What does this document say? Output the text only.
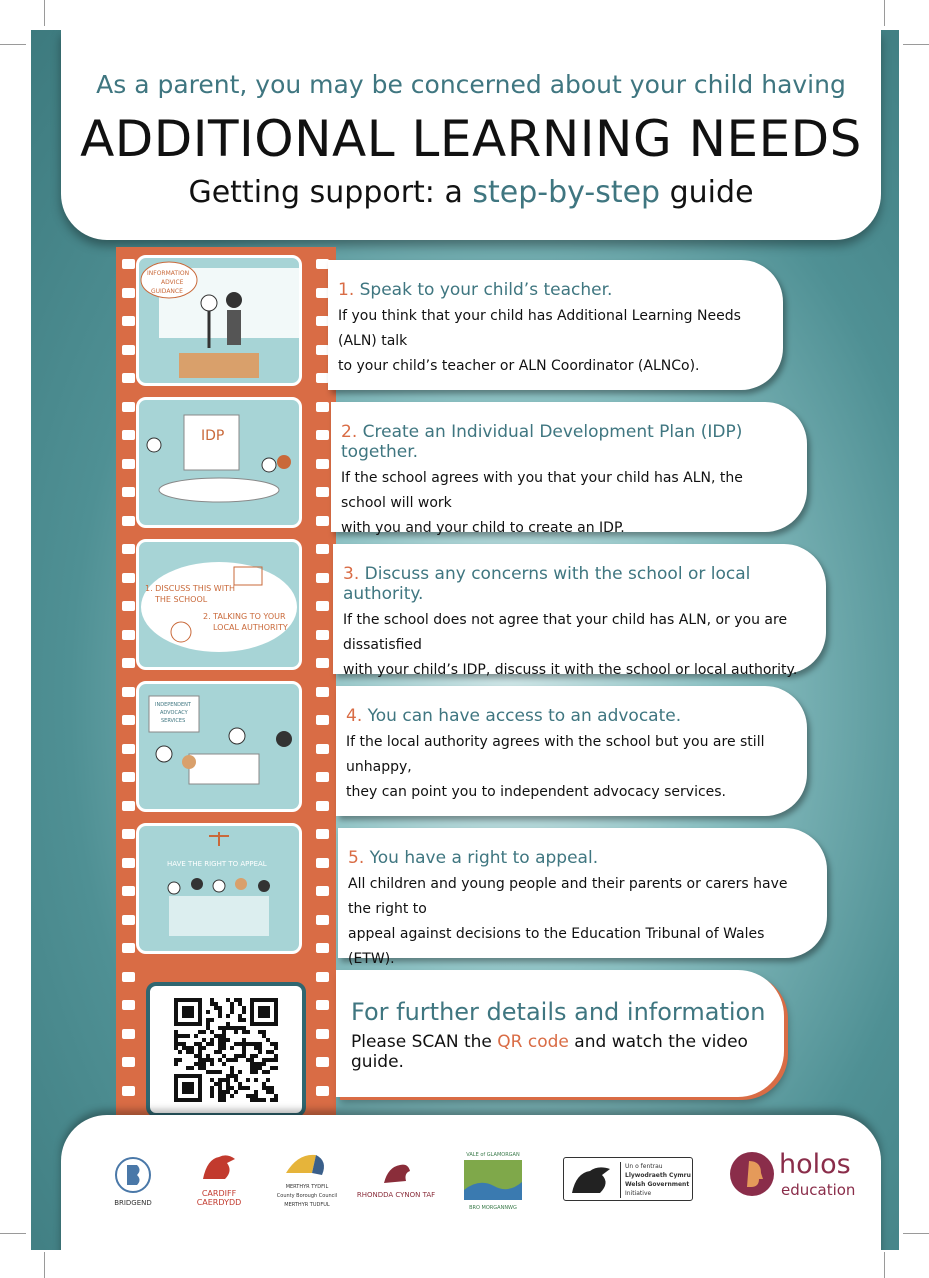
As a parent, you may be concerned about your child having
ADDITIONAL LEARNING NEEDS
Getting support: a step-by-step guide
INFORMATION
ADVICE
GUIDANCE
IDP
1. DISCUSS THIS WITH
THE SCHOOL
2. TALKING TO YOUR
LOCAL AUTHORITY
INDEPENDENT
ADVOCACY
SERVICES
HAVE THE RIGHT TO APPEAL
1. Speak to your child’s teacher.
If you think that your child has Additional Learning Needs (ALN) talk
to your child’s teacher or ALN Coordinator (ALNCo).
2. Create an Individual Development Plan (IDP) together.
If the school agrees with you that your child has ALN, the school will work
with you and your child to create an IDP.
3. Discuss any concerns with the school or local authority.
If the school does not agree that your child has ALN, or you are dissatisfied
with your child’s IDP, discuss it with the school or local authority.
4. You can have access to an advocate.
If the local authority agrees with the school but you are still unhappy,
they can point you to independent advocacy services.
5. You have a right to appeal.
All children and young people and their parents or carers have the right to
appeal against decisions to the Education Tribunal of Wales (ETW).
For further details and information
Please SCAN the QR code and watch the video guide.
BRIDGEND
CARDIFF
CAERDYDD
MERTHYR TYDFIL
County Borough Council
MERTHYR TUDFUL
RHONDDA CYNON TAF
VALE of GLAMORGAN
BRO MORGANNWG
Un o fentrau
Llywodraeth Cymru
Welsh Government
Initiative
holos
education
